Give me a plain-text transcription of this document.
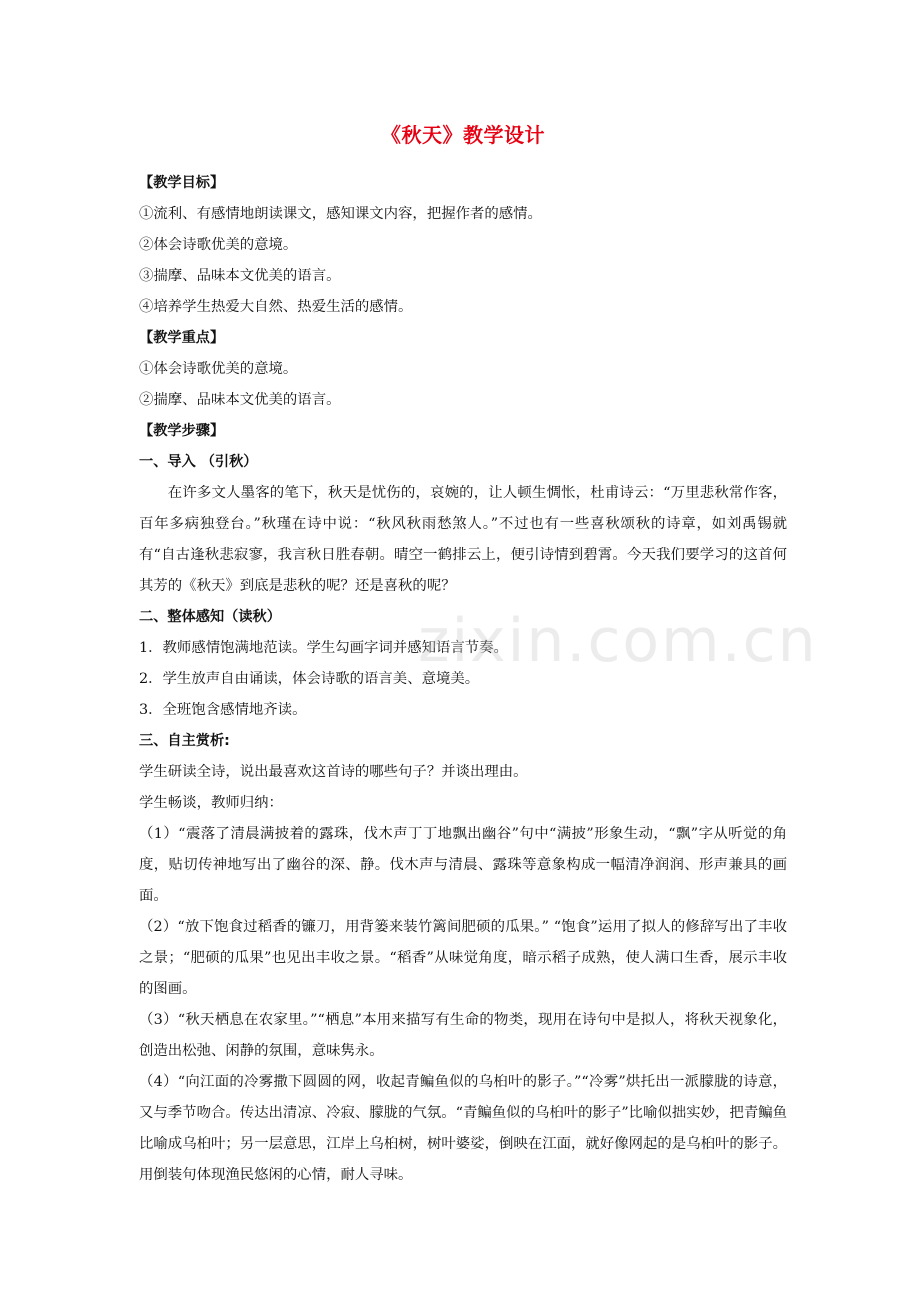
《秋天》教学设计
【教学目标】
①流利、有感情地朗读课文，感知课文内容，把握作者的感情。
②体会诗歌优美的意境。
③揣摩、品味本文优美的语言。
④培养学生热爱大自然、热爱生活的感情。
【教学重点】
①体会诗歌优美的意境。
②揣摩、品味本文优美的语言。
【教学步骤】
一、导入 （引秋）
在许多文人墨客的笔下，秋天是忧伤的，哀婉的，让人顿生惆怅，杜甫诗云：“万里悲秋常作客，百年多病独登台。”秋瑾在诗中说：“秋风秋雨愁煞人。”不过也有一些喜秋颂秋的诗章，如刘禹锡就有“自古逢秋悲寂寥，我言秋日胜春朝。晴空一鹤排云上，便引诗情到碧霄。今天我们要学习的这首何其芳的《秋天》到底是悲秋的呢？还是喜秋的呢？
二、整体感知（读秋）
1．教师感情饱满地范读。学生勾画字词并感知语言节奏。
2．学生放声自由诵读，体会诗歌的语言美、意境美。
3．全班饱含感情地齐读。
三、自主赏析:
学生研读全诗，说出最喜欢这首诗的哪些句子？并谈出理由。
学生畅谈，教师归纳：
（1）“震落了清晨满披着的露珠，伐木声丁丁地飘出幽谷”句中“满披”形象生动，“飘”字从听觉的角度，贴切传神地写出了幽谷的深、静。伐木声与清晨、露珠等意象构成一幅清净润润、形声兼具的画面。
（2）“放下饱食过稻香的镰刀，用背篓来装竹篱间肥硕的瓜果。” “饱食”运用了拟人的修辞写出了丰收之景；“肥硕的瓜果”也见出丰收之景。“稻香”从味觉角度，暗示稻子成熟，使人满口生香，展示丰收的图画。
（3）“秋天栖息在农家里。”“栖息”本用来描写有生命的物类，现用在诗句中是拟人，将秋天视象化，创造出松弛、闲静的氛围，意味隽永。
（4）“向江面的冷雾撒下圆圆的网，收起青鳊鱼似的乌桕叶的影子。”“冷雾”烘托出一派朦胧的诗意，又与季节吻合。传达出清凉、冷寂、朦胧的气氛。“青鳊鱼似的乌桕叶的影子”比喻似拙实妙，把青鳊鱼比喻成乌桕叶；另一层意思，江岸上乌桕树，树叶婆娑，倒映在江面，就好像网起的是乌桕叶的影子。用倒装句体现渔民悠闲的心情，耐人寻味。
zixin.com.cn
